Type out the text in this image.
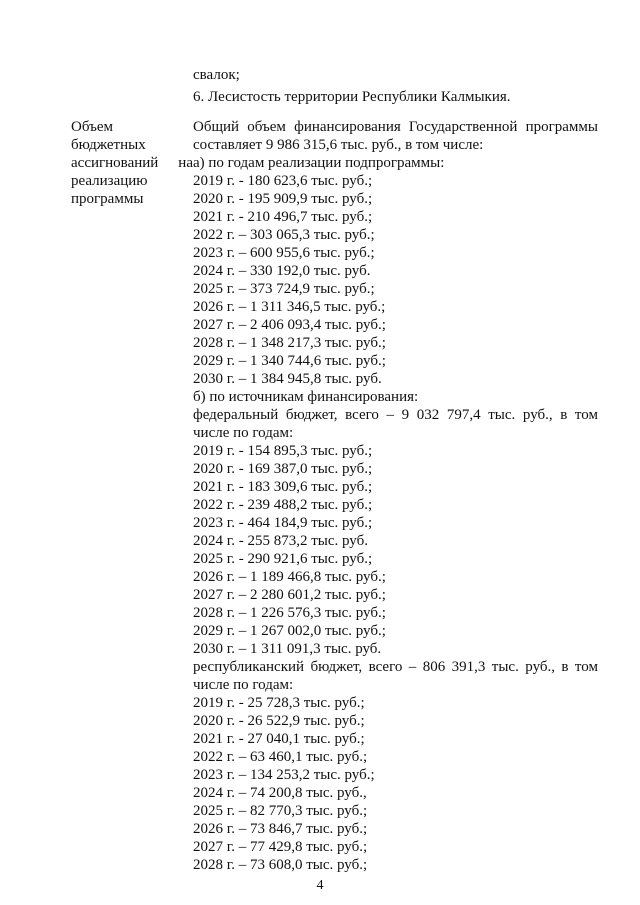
свалок;
6. Лесистость территории Республики Калмыкия.
Объем
бюджетных
ассигнований на
реализацию
программы
Общий объем финансирования Государственной программы
составляет 9 986 315,6 тыс. руб., в том числе:
а) по годам реализации подпрограммы:
2019 г. - 180 623,6 тыс. руб.;
2020 г. - 195 909,9 тыс. руб.;
2021 г. - 210 496,7 тыс. руб.;
2022 г. – 303 065,3 тыс. руб.;
2023 г. – 600 955,6 тыс. руб.;
2024 г. – 330 192,0 тыс. руб.
2025 г. – 373 724,9 тыс. руб.;
2026 г. – 1 311 346,5 тыс. руб.;
2027 г. – 2 406 093,4 тыс. руб.;
2028 г. – 1 348 217,3 тыс. руб.;
2029 г. – 1 340 744,6 тыс. руб.;
2030 г. – 1 384 945,8 тыс. руб.
б) по источникам финансирования:
федеральный бюджет, всего – 9 032 797,4 тыс. руб., в том
числе по годам:
2019 г. - 154 895,3 тыс. руб.;
2020 г. - 169 387,0 тыс. руб.;
2021 г. - 183 309,6 тыс. руб.;
2022 г. - 239 488,2 тыс. руб.;
2023 г. - 464 184,9 тыс. руб.;
2024 г. - 255 873,2 тыс. руб.
2025 г. - 290 921,6 тыс. руб.;
2026 г. – 1 189 466,8 тыс. руб.;
2027 г. – 2 280 601,2 тыс. руб.;
2028 г. – 1 226 576,3 тыс. руб.;
2029 г. – 1 267 002,0 тыс. руб.;
2030 г. – 1 311 091,3 тыс. руб.
республиканский бюджет, всего – 806 391,3 тыс. руб., в том
числе по годам:
2019 г. - 25 728,3 тыс. руб.;
2020 г. - 26 522,9 тыс. руб.;
2021 г. - 27 040,1 тыс. руб.;
2022 г. – 63 460,1 тыс. руб.;
2023 г. – 134 253,2 тыс. руб.;
2024 г. – 74 200,8 тыс. руб.,
2025 г. – 82 770,3 тыс. руб.;
2026 г. – 73 846,7 тыс. руб.;
2027 г. – 77 429,8 тыс. руб.;
2028 г. – 73 608,0 тыс. руб.;
4
